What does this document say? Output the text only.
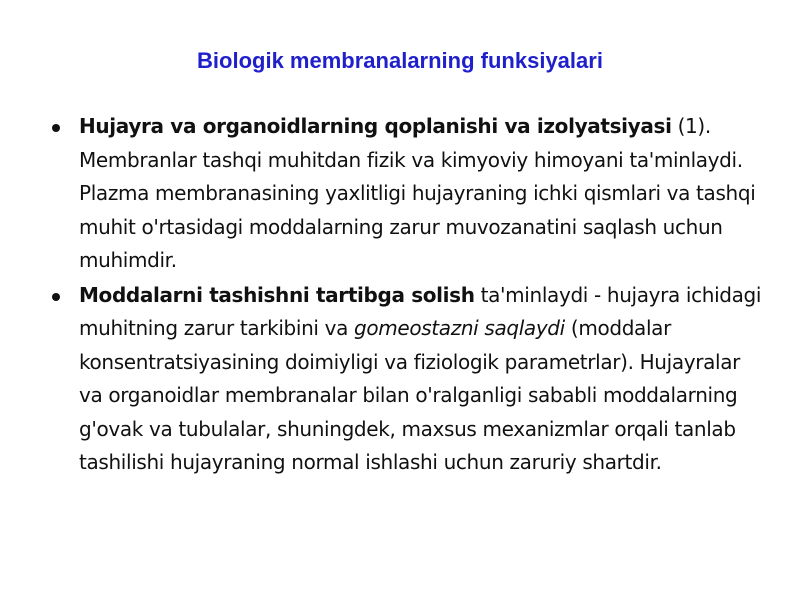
Biologik membranalarning funksiyalari
Hujayra va organoidlarning qoplanishi va izolyatsiyasi (1). Membranlar tashqi muhitdan fizik va kimyoviy himoyani ta'minlaydi. Plazma membranasining yaxlitligi hujayraning ichki qismlari va tashqi muhit o'rtasidagi moddalarning zarur muvozanatini saqlash uchun muhimdir.
Moddalarni tashishni tartibga solish ta'minlaydi - hujayra ichidagi muhitning zarur tarkibini va gomeostazni saqlaydi (moddalar konsentratsiyasining doimiyligi va fiziologik parametrlar). Hujayralar va organoidlar membranalar bilan o'ralganligi sababli moddalarning g'ovak va tubulalar, shuningdek, maxsus mexanizmlar orqali tanlab tashilishi hujayraning normal ishlashi uchun zaruriy shartdir.
